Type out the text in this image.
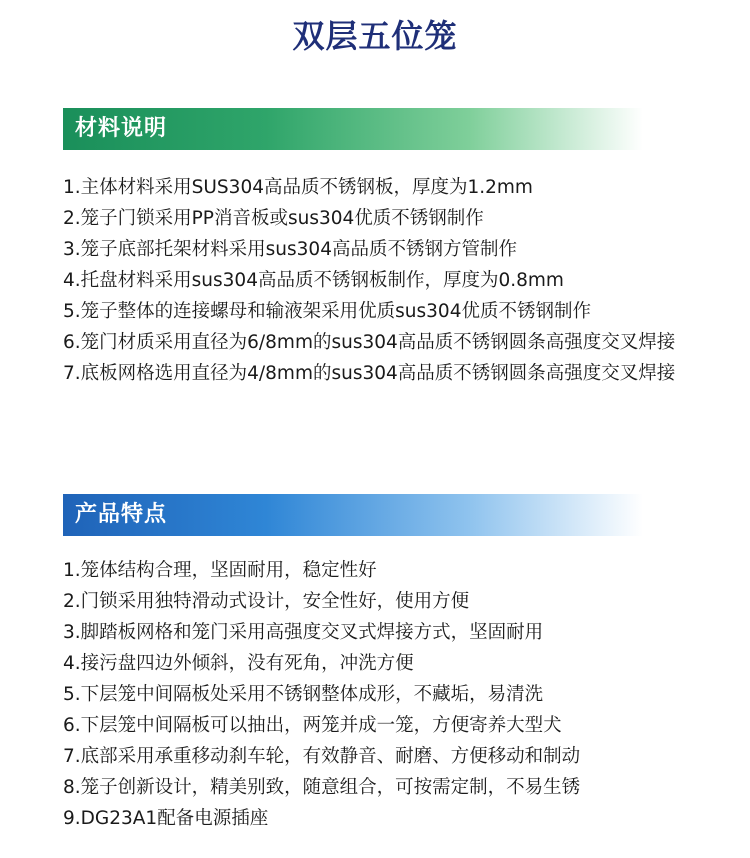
双层五位笼
材料说明
1.主体材料采用SUS304高品质不锈钢板，厚度为1.2mm
2.笼子门锁采用PP消音板或sus304优质不锈钢制作
3.笼子底部托架材料采用sus304高品质不锈钢方管制作
4.托盘材料采用sus304高品质不锈钢板制作，厚度为0.8mm
5.笼子整体的连接螺母和输液架采用优质sus304优质不锈钢制作
6.笼门材质采用直径为6/8mm的sus304高品质不锈钢圆条高强度交叉焊接
7.底板网格选用直径为4/8mm的sus304高品质不锈钢圆条高强度交叉焊接
产品特点
1.笼体结构合理，坚固耐用，稳定性好
2.门锁采用独特滑动式设计，安全性好，使用方便
3.脚踏板网格和笼门采用高强度交叉式焊接方式，坚固耐用
4.接污盘四边外倾斜，没有死角，冲洗方便
5.下层笼中间隔板处采用不锈钢整体成形，不藏垢，易清洗
6.下层笼中间隔板可以抽出，两笼并成一笼，方便寄养大型犬
7.底部采用承重移动刹车轮，有效静音、耐磨、方便移动和制动
8.笼子创新设计，精美别致，随意组合，可按需定制，不易生锈
9.DG23A1配备电源插座
